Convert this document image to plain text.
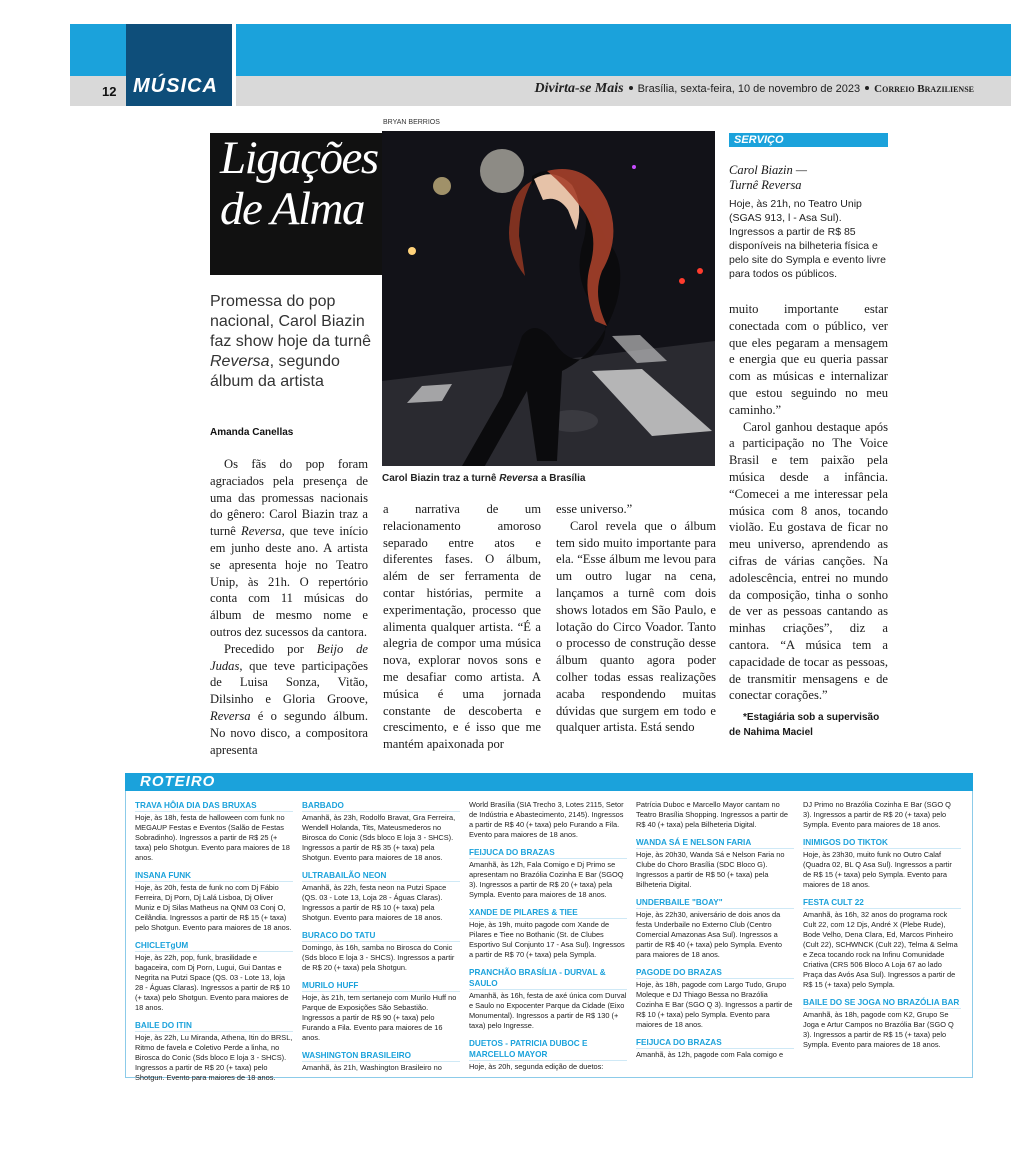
12 MÚSICA	Divirta-se Mais Brasília, sexta-feira, 10 de novembro de 2023 Correio Braziliense
Ligações
de Alma
BRYAN BERRIOS
Carol Biazin traz a turnê Reversa a Brasília
Promessa do pop nacional, Carol Biazin faz show hoje da turnê Reversa, segundo álbum da artista
Amanda Canellas

Os fãs do pop foram agraciados pela presença de uma das promessas nacionais do gênero: Carol Biazin traz a turnê Reversa, que teve início em junho deste ano. A artista se apresenta hoje no Teatro Unip, às 21h. O repertório conta com 11 músicas do álbum de mesmo nome e outros dez sucessos da cantora.

Precedido por Beijo de Judas, que teve participações de Luisa Sonza, Vitão, Dilsinho e Gloria Groove, Reversa é o segundo álbum. No novo disco, a compositora apresenta

a narrativa de um relacionamento amoroso separado entre atos e diferentes fases. O álbum, além de ser ferramenta de contar histórias, permite a experimentação, processo que alimenta qualquer artista. “É a alegria de compor uma música nova, explorar novos sons e me desafiar como artista. A música é uma jornada constante de descoberta e crescimento, e é isso que me mantém apaixonada por

esse universo.”

Carol revela que o álbum tem sido muito importante para ela. “Esse álbum me levou para um outro lugar na cena, lançamos a turnê com dois shows lotados em São Paulo, e lotação do Circo Voador. Tanto o processo de construção desse álbum quanto agora poder colher todas essas realizações acaba respondendo muitas dúvidas que surgem em todo e qualquer artista. Está sendo

muito importante estar conectada com o público, ver que eles pegaram a mensagem e energia que eu queria passar com as músicas e internalizar que estou seguindo no meu caminho.”

Carol ganhou destaque após a participação no The Voice Brasil e tem paixão pela música desde a infância. “Comecei a me interessar pela música com 8 anos, tocando violão. Eu gostava de ficar no meu universo, aprendendo as cifras de várias canções. Na adolescência, entrei no mundo da composição, tinha o sonho de ver as pessoas cantando as minhas criações”, diz a cantora. “A música tem a capacidade de tocar as pessoas, de transmitir mensagens e de conectar corações.”

*Estagiária sob a supervisão
de Nahima Maciel

SERVIÇO
Carol Biazin —
Turnê Reversa
Hoje, às 21h, no Teatro Unip (SGAS 913, l - Asa Sul). Ingressos a partir de R$ 85 disponíveis na bilheteria física e pelo site do Sympla e evento livre para todos os públicos.
ROTEIRO
TRAVA HÔIA DIA DAS BRUXAS
Hoje, às 18h, festa de halloween com funk no MEGAUP Festas e Eventos (Salão de Festas Sobradinho). Ingressos a partir de R$ 25 (+ taxa) pelo Shotgun. Evento para maiores de 18 anos.
INSANA FUNK
Hoje, às 20h, festa de funk no com Dj Fábio Ferreira, Dj Porn, Dj Lalá Lisboa, Dj Oliver Muniz e Dj Silas Matheus na QNM 03 Conj O, Ceilândia. Ingressos a partir de R$ 15 (+ taxa) pelo Shotgun. Evento para maiores de 18 anos.
CHICLETgUM
Hoje, às 22h, pop, funk, brasilidade e bagaceira, com Dj Porn, Lugui, Gui Dantas e Negrita na Putzi Space (QS. 03 - Lote 13, loja 28 - Águas Claras). Ingressos a partir de R$ 10 (+ taxa) pelo Shotgun. Evento para maiores de 18 anos.
BAILE DO ITIN
Hoje, às 22h, Lu Miranda, Athena, Itin do BRSL, Ritmo de favela e Coletivo Perde a linha, no Birosca do Conic (Sds bloco E loja 3 - SHCS). Ingressos a partir de R$ 20 (+ taxa) pelo Shotgun. Evento para maiores de 18 anos.
BARBADO
Amanhã, às 23h, Rodolfo Bravat, Gra Ferreira, Wendell Holanda, Tits, Mateusmederos no Birosca do Conic (Sds bloco E loja 3 - SHCS). Ingressos a partir de R$ 35 (+ taxa) pela Shotgun. Evento para maiores de 18 anos.
ULTRABAILÃO NEON
Amanhã, às 22h, festa neon na Putzi Space (QS. 03 - Lote 13, Loja 28 - Águas Claras). Ingressos a partir de R$ 10 (+ taxa) pela Shotgun. Evento para maiores de 18 anos.
BURACO DO TATU
Domingo, às 16h, samba no Birosca do Conic (Sds bloco E loja 3 - SHCS). Ingressos a partir de R$ 20 (+ taxa) pela Shotgun.
MURILO HUFF
Hoje, às 21h, tem sertanejo com Murilo Huff no Parque de Exposições São Sebastião. Ingressos a partir de R$ 90 (+ taxa) pelo Furando a Fila. Evento para maiores de 16 anos.
WASHINGTON BRASILEIRO
Amanhã, às 21h, Washington Brasileiro no
World Brasília (SIA Trecho 3, Lotes 2115, Setor de Indústria e Abastecimento, 2145). Ingressos a partir de R$ 40 (+ taxa) pelo Furando a Fila. Evento para maiores de 18 anos.
FEIJUCA DO BRAZAS
Amanhã, às 12h, Fala Comigo e Dj Primo se apresentam no Brazólia Cozinha E Bar (SGOQ 3). Ingressos a partir de R$ 20 (+ taxa) pela Sympla. Evento para maiores de 18 anos.
XANDE DE PILARES & TIEE
Hoje, às 19h, muito pagode com Xande de Pilares e Tiee no Bothanic (St. de Clubes Esportivo Sul Conjunto 17 - Asa Sul). Ingressos a partir de R$ 70 (+ taxa) pela Sympla.
PRANCHÃO BRASÍLIA - DURVAL & SAULO
Amanhã, às 16h, festa de axé única com Durval e Saulo no Expocenter Parque da Cidade (Eixo Monumental). Ingressos a partir de R$ 130 (+ taxa) pelo Ingresse.
DUETOS - PATRICIA DUBOC E MARCELLO MAYOR
Hoje, às 20h, segunda edição de duetos:
Patrícia Duboc e Marcello Mayor cantam no Teatro Brasília Shopping. Ingressos a partir de R$ 40 (+ taxa) pela Bilheteria Digital.
WANDA SÁ E NELSON FARIA
Hoje, às 20h30, Wanda Sá e Nelson Faria no Clube do Choro Brasília (SDC Bloco G). Ingressos a partir de R$ 50 (+ taxa) pela Bilheteria Digital.
UNDERBAILE "BOAY"
Hoje, às 22h30, aniversário de dois anos da festa Underbaile no Externo Club (Centro Comercial Amazonas Asa Sul). Ingressos a partir de R$ 40 (+ taxa) pelo Sympla. Evento para maiores de 18 anos.
PAGODE DO BRAZAS
Hoje, às 18h, pagode com Largo Tudo, Grupo Moleque e DJ Thiago Bessa no Brazólia Cozinha E Bar (SGO Q 3). Ingressos a partir de R$ 10 (+ taxa) pelo Sympla. Evento para maiores de 18 anos.
FEIJUCA DO BRAZAS
Amanhã, às 12h, pagode com Fala comigo e
DJ Primo no Brazólia Cozinha E Bar (SGO Q 3). Ingressos a partir de R$ 20 (+ taxa) pelo Sympla. Evento para maiores de 18 anos.
INIMIGOS DO TIKTOK
Hoje, às 23h30, muito funk no Outro Calaf (Quadra 02, BL Q Asa Sul). Ingressos a partir de R$ 15 (+ taxa) pelo Sympla. Evento para maiores de 18 anos.
FESTA CULT 22
Amanhã, às 16h, 32 anos do programa rock Cult 22, com 12 Djs, André X (Plebe Rude), Bode Velho, Dena Clara, Ed, Marcos Pinheiro (Cult 22), SCHWNCK (Cult 22), Telma & Selma e Zeca tocando rock na Infinu Comunidade Criativa (CRS 506 Bloco A Loja 67 ao lado Praça das Avós Asa Sul). Ingressos a partir de R$ 15 (+ taxa) pelo Sympla.
BAILE DO SE JOGA NO BRAZÓLIA BAR
Amanhã, às 18h, pagode com K2, Grupo Se Joga e Artur Campos no Brazólia Bar (SGO Q 3). Ingressos a partir de R$ 15 (+ taxa) pelo Sympla. Evento para maiores de 18 anos.
